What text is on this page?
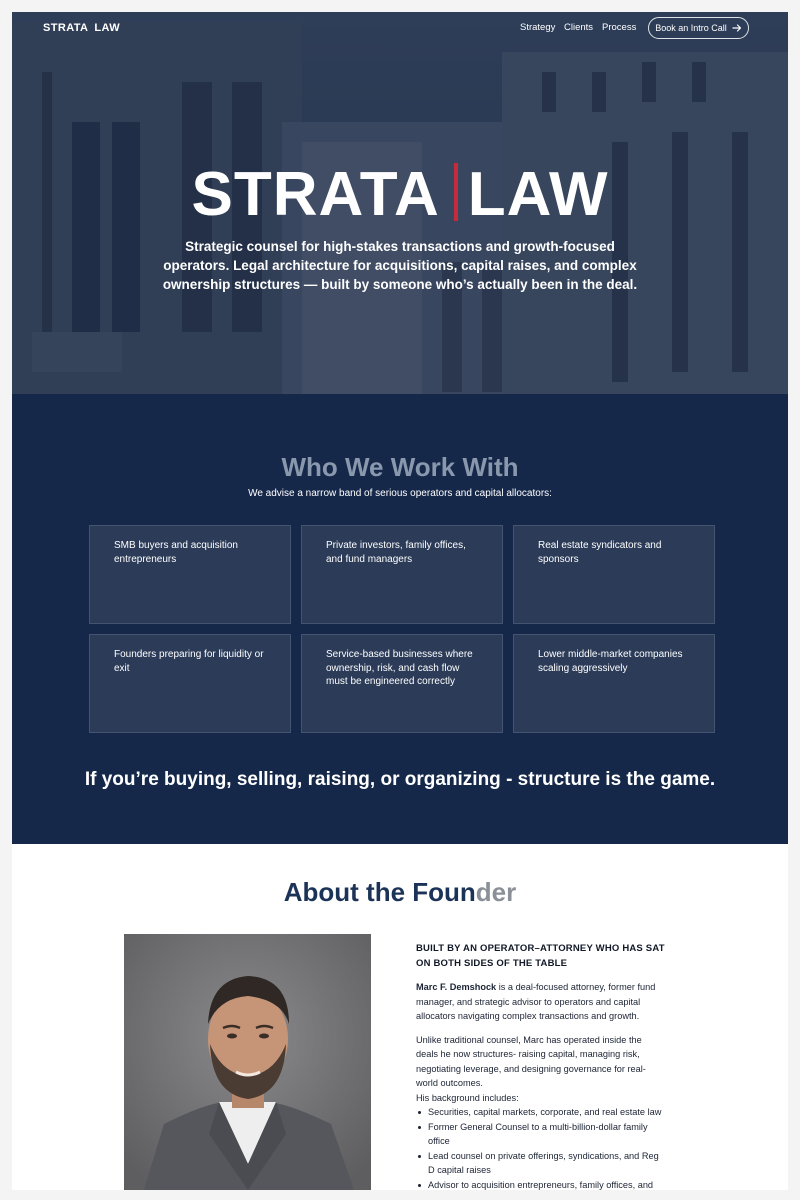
STRATA LAW	Strategy Clients Process Book an Intro Call
STRATA LAW

Strategic counsel for high-stakes transactions and growth-focused operators. Legal architecture for acquisitions, capital raises, and complex ownership structures — built by someone who’s actually been in the deal.

Who We Work With

We advise a narrow band of serious operators and capital allocators:

SMB buyers and acquisition entrepreneurs
Private investors, family offices, and fund managers
Real estate syndicators and sponsors
Founders preparing for liquidity or exit
Service-based businesses where ownership, risk, and cash flow must be engineered correctly
Lower middle-market companies scaling aggressively

If you’re buying, selling, raising, or organizing - structure is the game.

About the Founder
BUILT BY AN OPERATOR–ATTORNEY WHO HAS SAT ON BOTH SIDES OF THE TABLE

Marc F. Demshock is a deal-focused attorney, former fund manager, and strategic advisor to operators and capital allocators navigating complex transactions and growth.

Unlike traditional counsel, Marc has operated inside the deals he now structures- raising capital, managing risk, negotiating leverage, and designing governance for real-world outcomes.

His background includes:

Securities, capital markets, corporate, and real estate law
Former General Counsel to a multi-billion-dollar family office
Lead counsel on private offerings, syndications, and Reg D capital raises
Advisor to acquisition entrepreneurs, family offices, and
